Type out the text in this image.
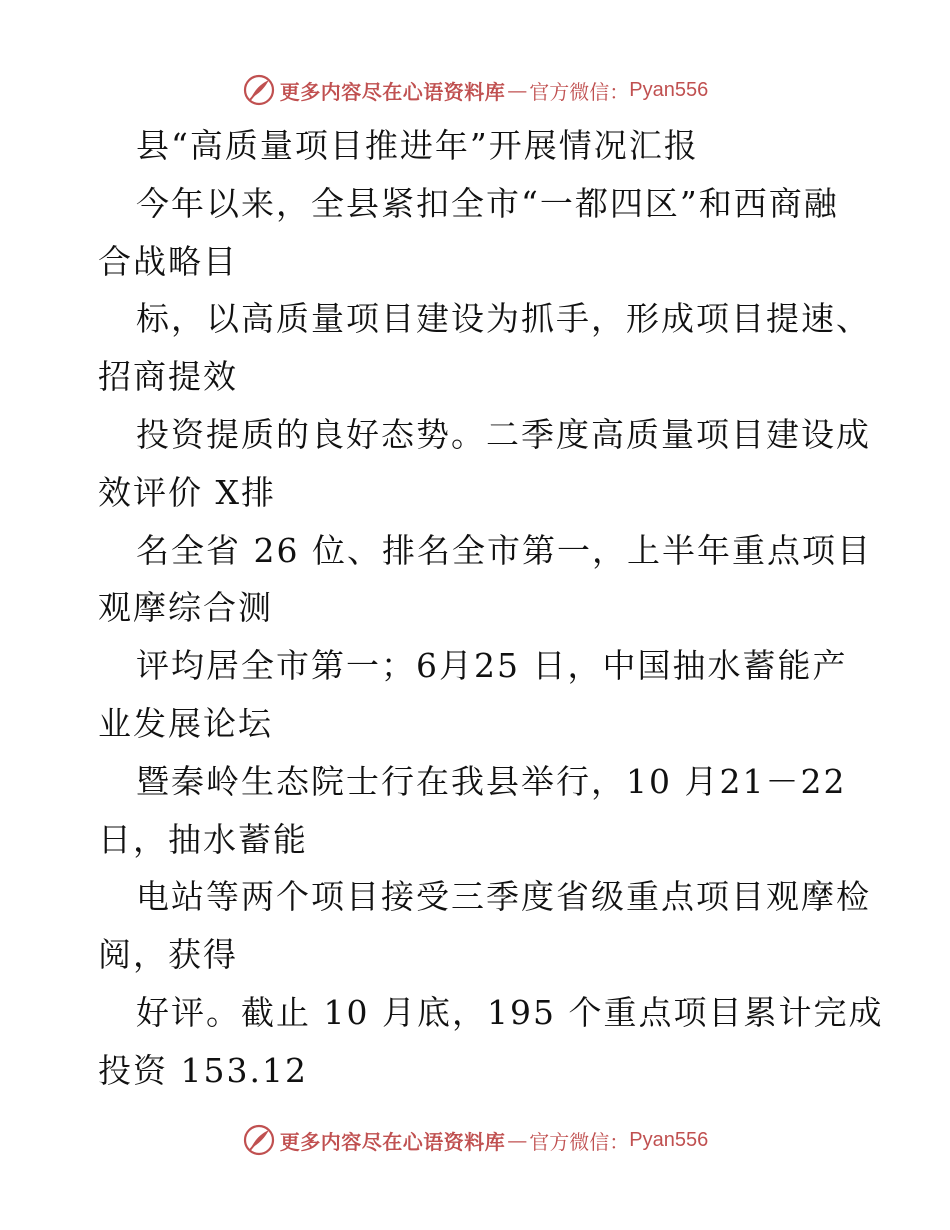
更多内容尽在心语资料库 — 官方微信： Pyan556
县“高质量项目推进年”开展情况汇报
今年以来，全县紧扣全市“一都四区”和西商融
合战略目
标，以高质量项目建设为抓手，形成项目提速、
招商提效
投资提质的良好态势。二季度高质量项目建设成
效评价 X排
名全省 26 位、排名全市第一，上半年重点项目
观摩综合测
评均居全市第一；6月25 日，中国抽水蓄能产
业发展论坛
暨秦岭生态院士行在我县举行，10 月21－22
日，抽水蓄能
电站等两个项目接受三季度省级重点项目观摩检
阅，获得
好评。截止 10 月底，195 个重点项目累计完成
投资 153.12
更多内容尽在心语资料库 — 官方微信： Pyan556
